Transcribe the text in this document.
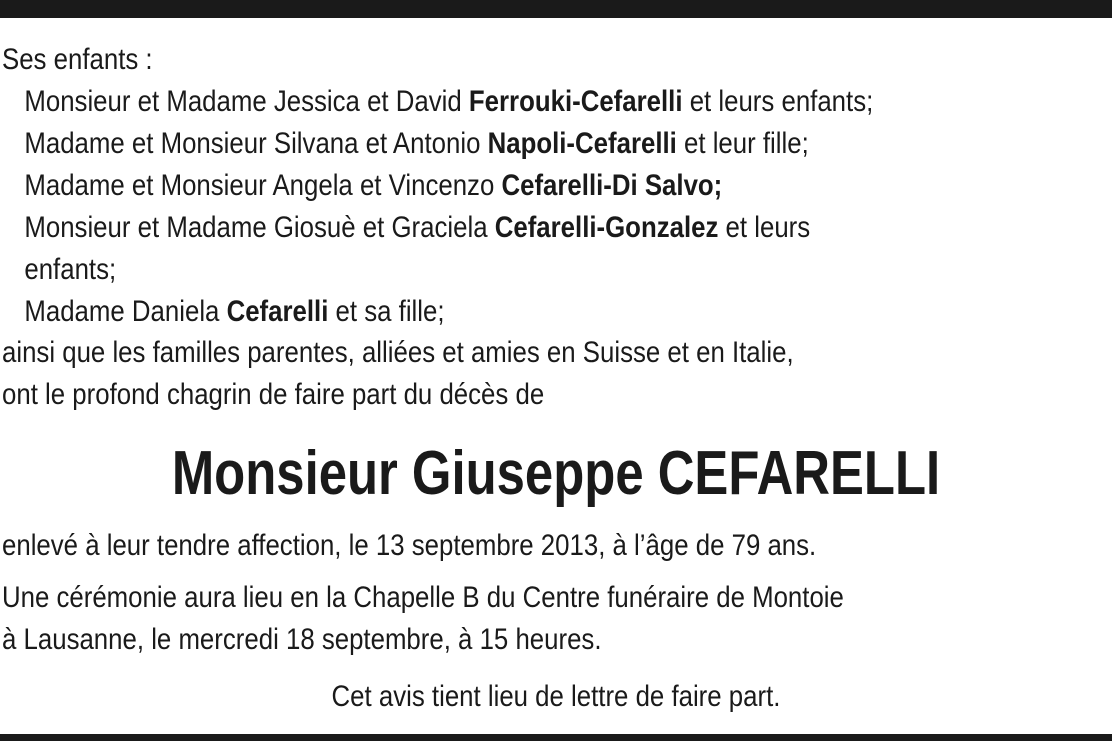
Ses enfants :
Monsieur et Madame Jessica et David Ferrouki-Cefarelli et leurs enfants;
Madame et Monsieur Silvana et Antonio Napoli-Cefarelli et leur fille;
Madame et Monsieur Angela et Vincenzo Cefarelli-Di Salvo;
Monsieur et Madame Giosuè et Graciela Cefarelli-Gonzalez et leurs
enfants;
Madame Daniela Cefarelli et sa fille;
ainsi que les familles parentes, alliées et amies en Suisse et en Italie,
ont le profond chagrin de faire part du décès de
Monsieur Giuseppe CEFARELLI
enlevé à leur tendre affection, le 13 septembre 2013, à l’âge de 79 ans.
Une cérémonie aura lieu en la Chapelle B du Centre funéraire de Montoie
à Lausanne, le mercredi 18 septembre, à 15 heures.
Cet avis tient lieu de lettre de faire part.
